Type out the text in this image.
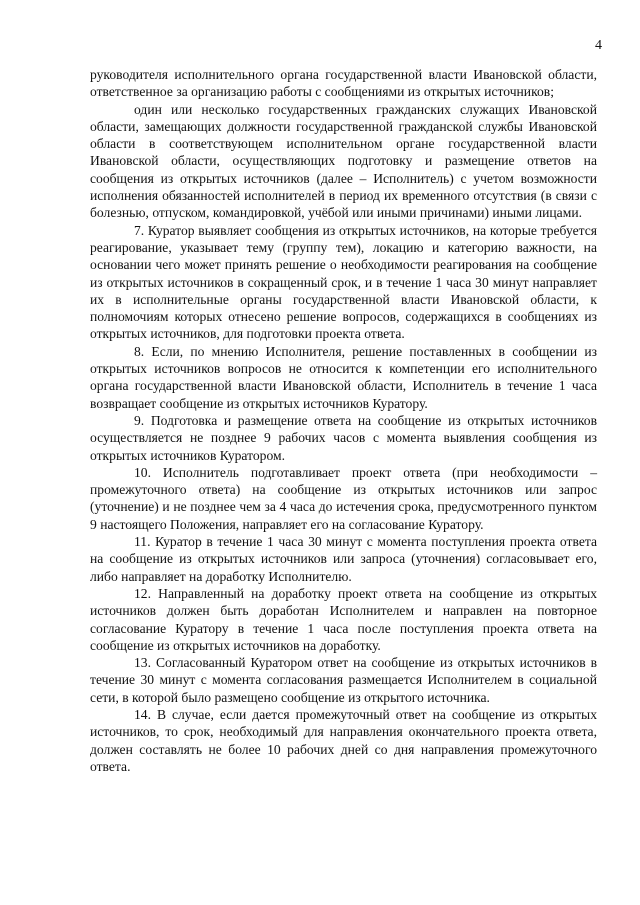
4

руководителя исполнительного органа государственной власти Ивановской области, ответственное за организацию работы с сообщениями из открытых источников;

один или несколько государственных гражданских служащих Ивановской области, замещающих должности государственной гражданской службы Ивановской области в соответствующем исполнительном органе государственной власти Ивановской области, осуществляющих подготовку и размещение ответов на сообщения из открытых источников (далее – Исполнитель) с учетом возможности исполнения обязанностей исполнителей в период их временного отсутствия (в связи с болезнью, отпуском, командировкой, учёбой или иными причинами) иными лицами.

7. Куратор выявляет сообщения из открытых источников, на которые требуется реагирование, указывает тему (группу тем), локацию и категорию важности, на основании чего может принять решение о необходимости реагирования на сообщение из открытых источников в сокращенный срок, и в течение 1 часа 30 минут направляет их в исполнительные органы государственной власти Ивановской области, к полномочиям которых отнесено решение вопросов, содержащихся в сообщениях из открытых источников, для подготовки проекта ответа.

8. Если, по мнению Исполнителя, решение поставленных в сообщении из открытых источников вопросов не относится к компетенции его исполнительного органа государственной власти Ивановской области, Исполнитель в течение 1 часа возвращает сообщение из открытых источников Куратору.

9. Подготовка и размещение ответа на сообщение из открытых источников осуществляется не позднее 9 рабочих часов с момента выявления сообщения из открытых источников Куратором.

10. Исполнитель подготавливает проект ответа (при необходимости – промежуточного ответа) на сообщение из открытых источников или запрос (уточнение) и не позднее чем за 4 часа до истечения срока, предусмотренного пунктом 9 настоящего Положения, направляет его на согласование Куратору.

11. Куратор в течение 1 часа 30 минут с момента поступления проекта ответа на сообщение из открытых источников или запроса (уточнения) согласовывает его, либо направляет на доработку Исполнителю.

12. Направленный на доработку проект ответа на сообщение из открытых источников должен быть доработан Исполнителем и направлен на повторное согласование Куратору в течение 1 часа после поступления проекта ответа на сообщение из открытых источников на доработку.

13. Согласованный Куратором ответ на сообщение из открытых источников в течение 30 минут с момента согласования размещается Исполнителем в социальной сети, в которой было размещено сообщение из открытого источника.

14. В случае, если дается промежуточный ответ на сообщение из открытых источников, то срок, необходимый для направления окончательного проекта ответа, должен составлять не более 10 рабочих дней со дня направления промежуточного ответа.
